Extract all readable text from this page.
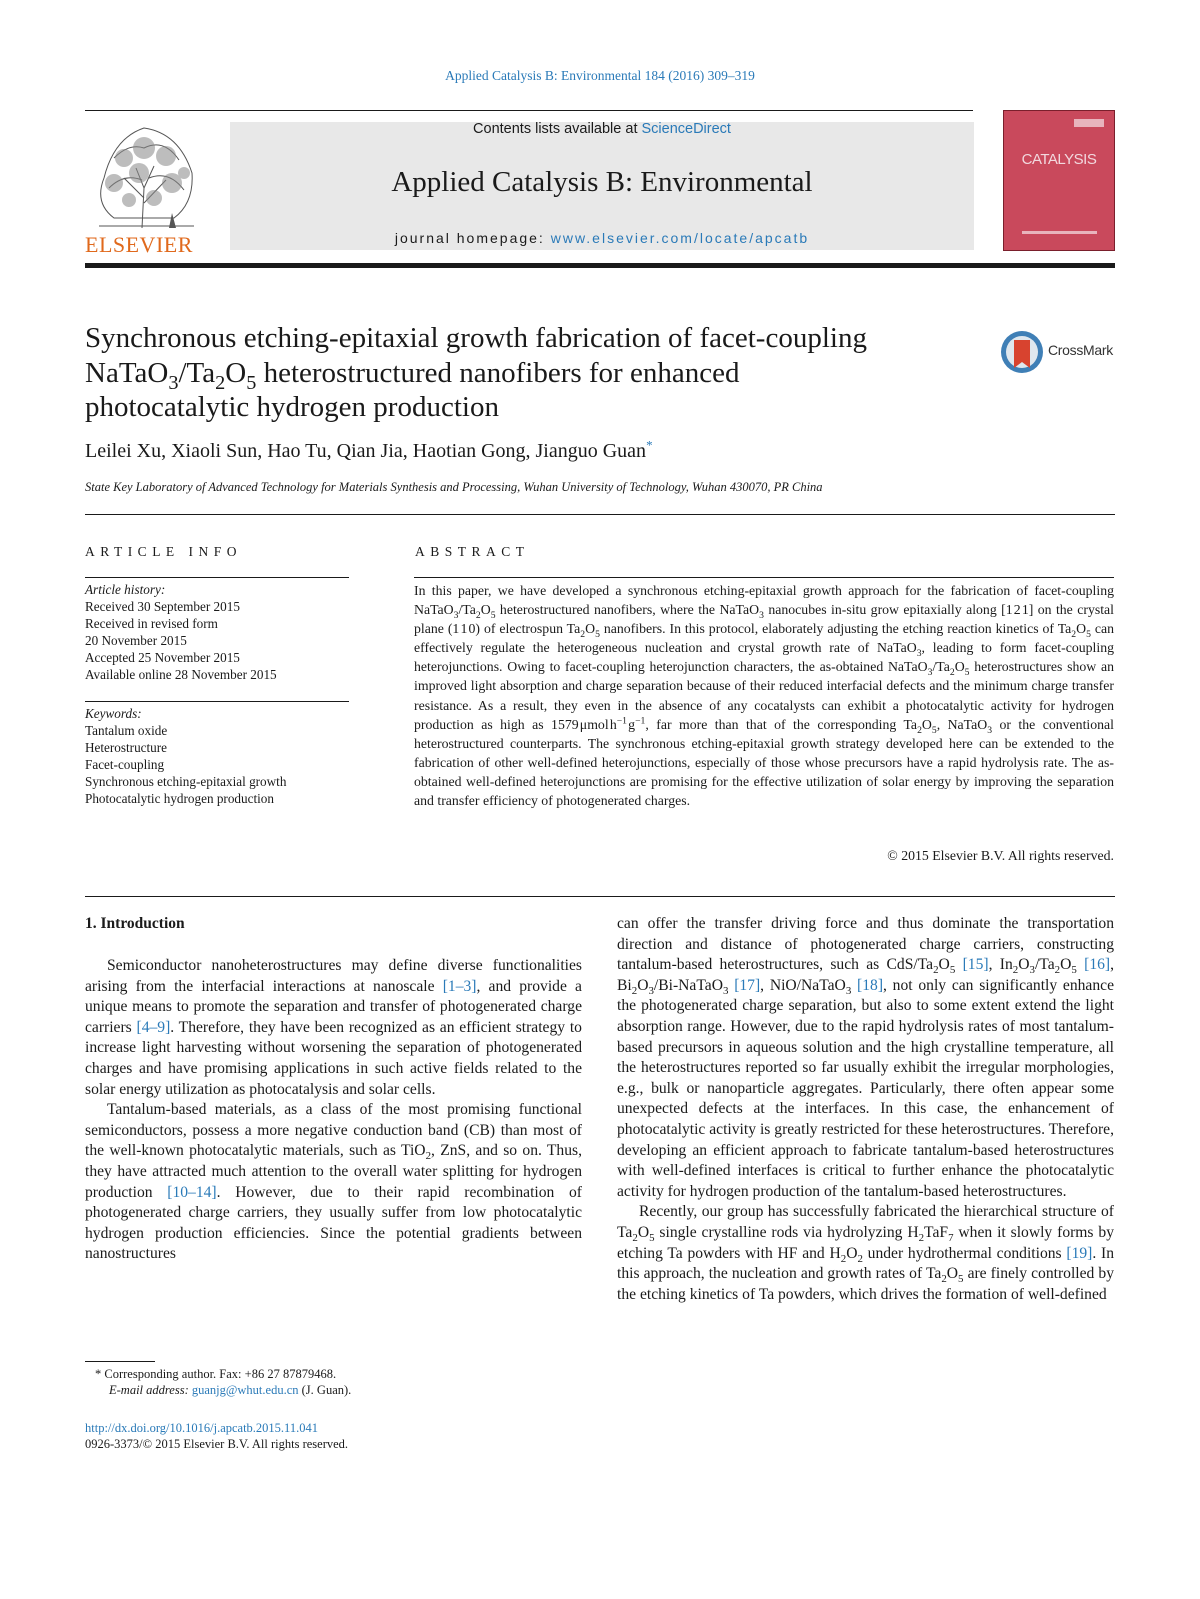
Applied Catalysis B: Environmental 184 (2016) 309–319
ELSEVIER
Contents lists available at ScienceDirect
Applied Catalysis B: Environmental
journal homepage: www.elsevier.com/locate/apcatb
CATALYSIS
Synchronous etching-epitaxial growth fabrication of facet-coupling
$NaTaO_3/Ta_2O_5$ heterostructured nanofibers for enhanced
photocatalytic hydrogen production
CrossMark
Leilei Xu, Xiaoli Sun, Hao Tu, Qian Jia, Haotian Gong, Jianguo Guan*
State Key Laboratory of Advanced Technology for Materials Synthesis and Processing, Wuhan University of Technology, Wuhan 430070, PR China
ARTICLE INFO	ABSTRACT
Article history:
Received 30 September 2015
Received in revised form
20 November 2015
Accepted 25 November 2015
Available online 28 November 2015
Keywords:
Tantalum oxide
Heterostructure
Facet-coupling
Synchronous etching-epitaxial growth
Photocatalytic hydrogen production
In this paper, we have developed a synchronous etching-epitaxial growth approach for the fabrication of facet-coupling $NaTaO_3/Ta_2O_5$ heterostructured nanofibers, where the NaTaO$_3$ nanocubes in-situ grow epitaxially along [1 2 1] on the crystal plane (1 1 0) of electrospun $Ta_2O_5$ nanofibers. In this protocol, elaborately adjusting the etching reaction kinetics of $Ta_2O_5$ can effectively regulate the heterogeneous nucleation and crystal growth rate of NaTaO$_3$, leading to form facet-coupling heterojunctions. Owing to facet-coupling heterojunction characters, the as-obtained $NaTaO_3/Ta_2O_5$ heterostructures show an improved light absorption and charge separation because of their reduced interfacial defects and the minimum charge transfer resistance. As a result, they even in the absence of any cocatalysts can exhibit a photocatalytic activity for hydrogen production as high as 1579 μmol $h^{-1}$ $g^{-1}$, far more than that of the corresponding $Ta_2O_5$, NaTaO$_3$ or the conventional heterostructured counterparts. The synchronous etching-epitaxial growth strategy developed here can be extended to the fabrication of other well-defined heterojunctions, especially of those whose precursors have a rapid hydrolysis rate. The as-obtained well-defined heterojunctions are promising for the effective utilization of solar energy by improving the separation and transfer efficiency of photogenerated charges.
© 2015 Elsevier B.V. All rights reserved.
1. Introduction

Semiconductor nanoheterostructures may define diverse functionalities arising from the interfacial interactions at nanoscale [1–3], and provide a unique means to promote the separation and transfer of photogenerated charge carriers [4–9]. Therefore, they have been recognized as an efficient strategy to increase light harvesting without worsening the separation of photogenerated charges and have promising applications in such active fields related to the solar energy utilization as photocatalysis and solar cells.

Tantalum-based materials, as a class of the most promising functional semiconductors, possess a more negative conduction band (CB) than most of the well-known photocatalytic materials, such as TiO$_2$, ZnS, and so on. Thus, they have attracted much attention to the overall water splitting for hydrogen production [10–14]. However, due to their rapid recombination of photogenerated charge carriers, they usually suffer from low photocatalytic hydrogen production efficiencies. Since the potential gradients between nanostructures

can offer the transfer driving force and thus dominate the transportation direction and distance of photogenerated charge carriers, constructing tantalum-based heterostructures, such as CdS/$Ta_2O_5$ [15], $In_2O_3/Ta_2O_5$ [16], $Bi_2O_3/Bi-NaTaO_3$ [17], NiO/NaTaO$_3$ [18], not only can significantly enhance the photogenerated charge separation, but also to some extent extend the light absorption range. However, due to the rapid hydrolysis rates of most tantalum-based precursors in aqueous solution and the high crystalline temperature, all the heterostructures reported so far usually exhibit the irregular morphologies, e.g., bulk or nanoparticle aggregates. Particularly, there often appear some unexpected defects at the interfaces. In this case, the enhancement of photocatalytic activity is greatly restricted for these heterostructures. Therefore, developing an efficient approach to fabricate tantalum-based heterostructures with well-defined interfaces is critical to further enhance the photocatalytic activity for hydrogen production of the tantalum-based heterostructures.

Recently, our group has successfully fabricated the hierarchical structure of $Ta_2O_5$ single crystalline rods via hydrolyzing $H_2TaF_7$ when it slowly forms by etching Ta powders with HF and $H_2O_2$ under hydrothermal conditions [19]. In this approach, the nucleation and growth rates of $Ta_2O_5$ are finely controlled by the etching kinetics of Ta powders, which drives the formation of well-defined

* Corresponding author. Fax: +86 27 87879468.
E-mail address: guanjg@whut.edu.cn (J. Guan).
http://dx.doi.org/10.1016/j.apcatb.2015.11.041
0926-3373/© 2015 Elsevier B.V. All rights reserved.
